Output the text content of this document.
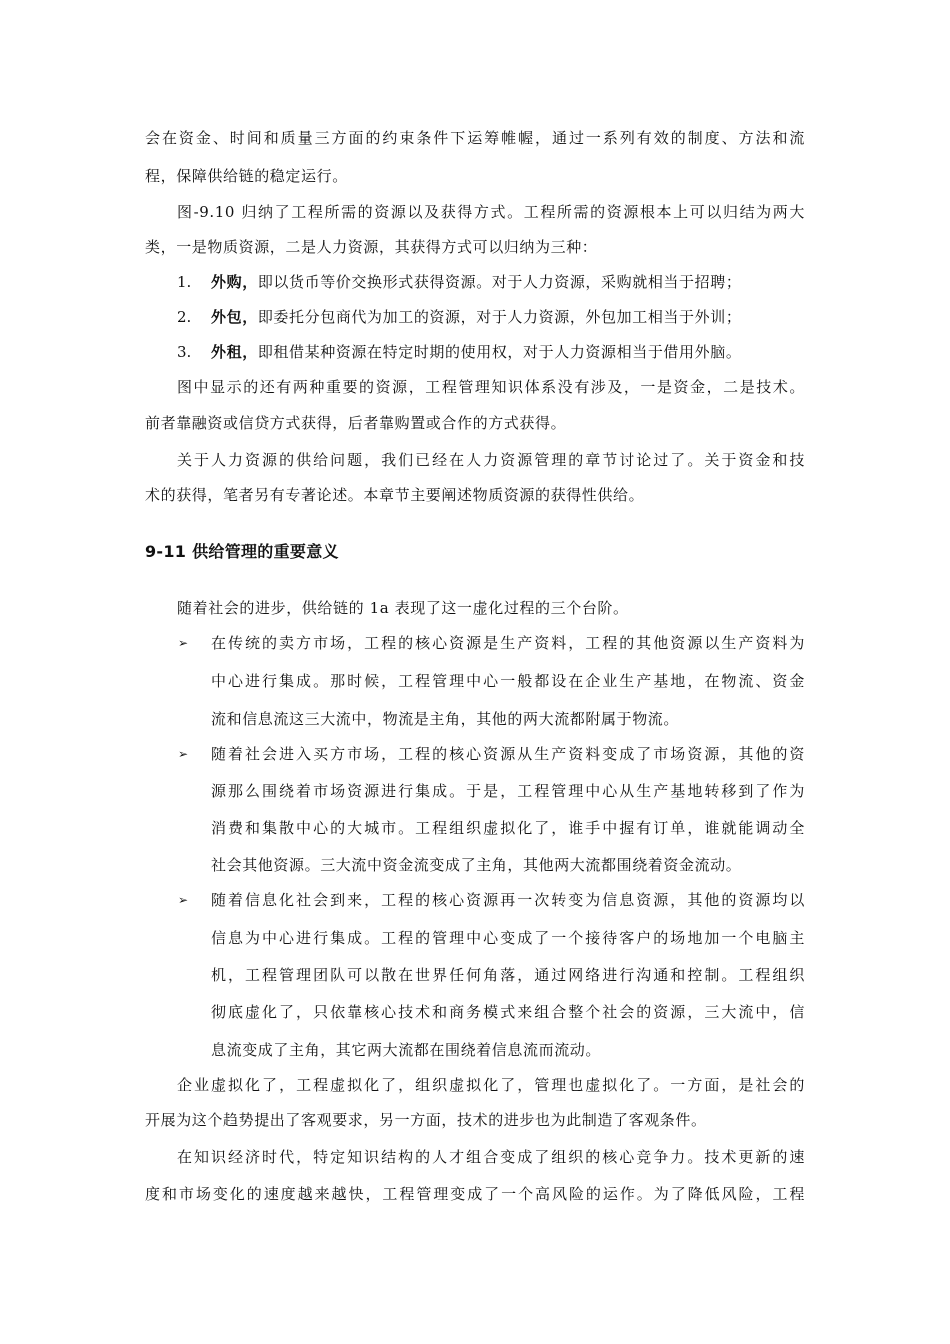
会在资金、时间和质量三方面的约束条件下运筹帷幄，通过一系列有效的制度、方法和流
程，保障供给链的稳定运行。
图-9.10 归纳了工程所需的资源以及获得方式。工程所需的资源根本上可以归结为两大
类，一是物质资源，二是人力资源，其获得方式可以归纳为三种：
1. 外购，即以货币等价交换形式获得资源。对于人力资源，采购就相当于招聘；
2. 外包，即委托分包商代为加工的资源，对于人力资源，外包加工相当于外训；
3. 外租，即租借某种资源在特定时期的使用权，对于人力资源相当于借用外脑。
图中显示的还有两种重要的资源，工程管理知识体系没有涉及，一是资金，二是技术。
前者靠融资或信贷方式获得，后者靠购置或合作的方式获得。
关于人力资源的供给问题，我们已经在人力资源管理的章节讨论过了。关于资金和技
术的获得，笔者另有专著论述。本章节主要阐述物质资源的获得性供给。
9-11 供给管理的重要意义
随着社会的进步，供给链的 1a 表现了这一虚化过程的三个台阶。
➢ 在传统的卖方市场，工程的核心资源是生产资料，工程的其他资源以生产资料为
中心进行集成。那时候，工程管理中心一般都设在企业生产基地，在物流、资金
流和信息流这三大流中，物流是主角，其他的两大流都附属于物流。
➢ 随着社会进入买方市场，工程的核心资源从生产资料变成了市场资源，其他的资
源那么围绕着市场资源进行集成。于是，工程管理中心从生产基地转移到了作为
消费和集散中心的大城市。工程组织虚拟化了，谁手中握有订单，谁就能调动全
社会其他资源。三大流中资金流变成了主角，其他两大流都围绕着资金流动。
➢ 随着信息化社会到来，工程的核心资源再一次转变为信息资源，其他的资源均以
信息为中心进行集成。工程的管理中心变成了一个接待客户的场地加一个电脑主
机，工程管理团队可以散在世界任何角落，通过网络进行沟通和控制。工程组织
彻底虚化了，只依靠核心技术和商务模式来组合整个社会的资源，三大流中，信
息流变成了主角，其它两大流都在围绕着信息流而流动。
企业虚拟化了，工程虚拟化了，组织虚拟化了，管理也虚拟化了。一方面，是社会的
开展为这个趋势提出了客观要求，另一方面，技术的进步也为此制造了客观条件。
在知识经济时代，特定知识结构的人才组合变成了组织的核心竞争力。技术更新的速
度和市场变化的速度越来越快，工程管理变成了一个高风险的运作。为了降低风险，工程
